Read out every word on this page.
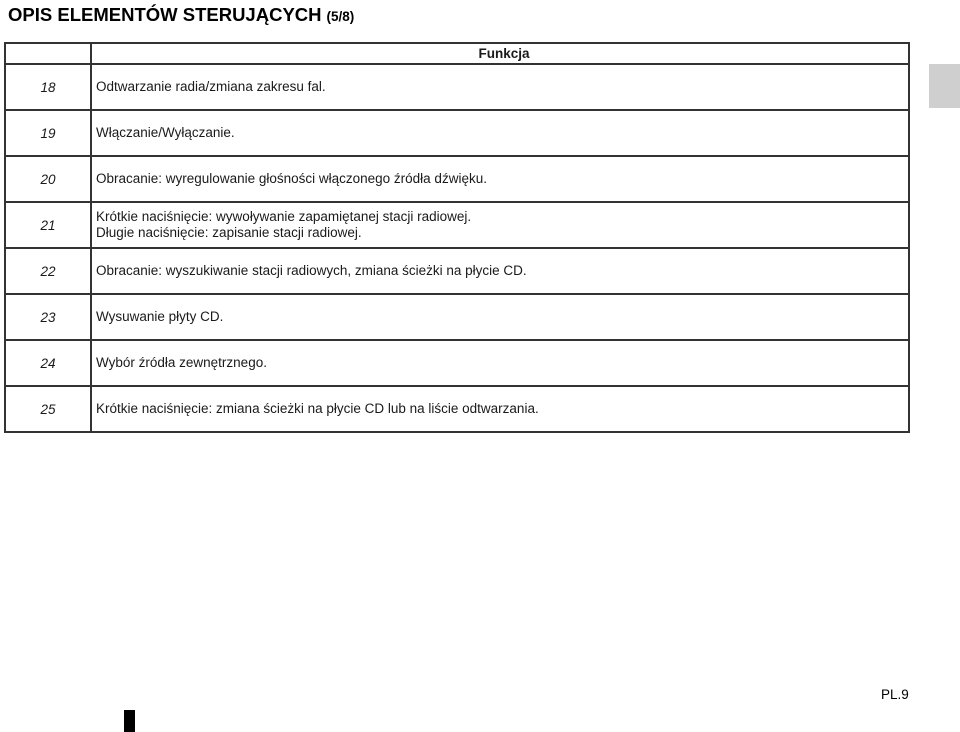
OPIS ELEMENTÓW STERUJĄCYCH (5/8)
	Funkcja
18	Odtwarzanie radia/zmiana zakresu fal.

19	Włączanie/Wyłączanie.

20	Obracanie: wyregulowanie głośności włączonego źródła dźwięku.

21	Krótkie naciśnięcie: wywoływanie zapamiętanej stacji radiowej.
Długie naciśnięcie: zapisanie stacji radiowej.

22	Obracanie: wyszukiwanie stacji radiowych, zmiana ścieżki na płycie CD.

23	Wysuwanie płyty CD.

24	Wybór źródła zewnętrznego.

25	Krótkie naciśnięcie: zmiana ścieżki na płycie CD lub na liście odtwarzania.
PL.9
